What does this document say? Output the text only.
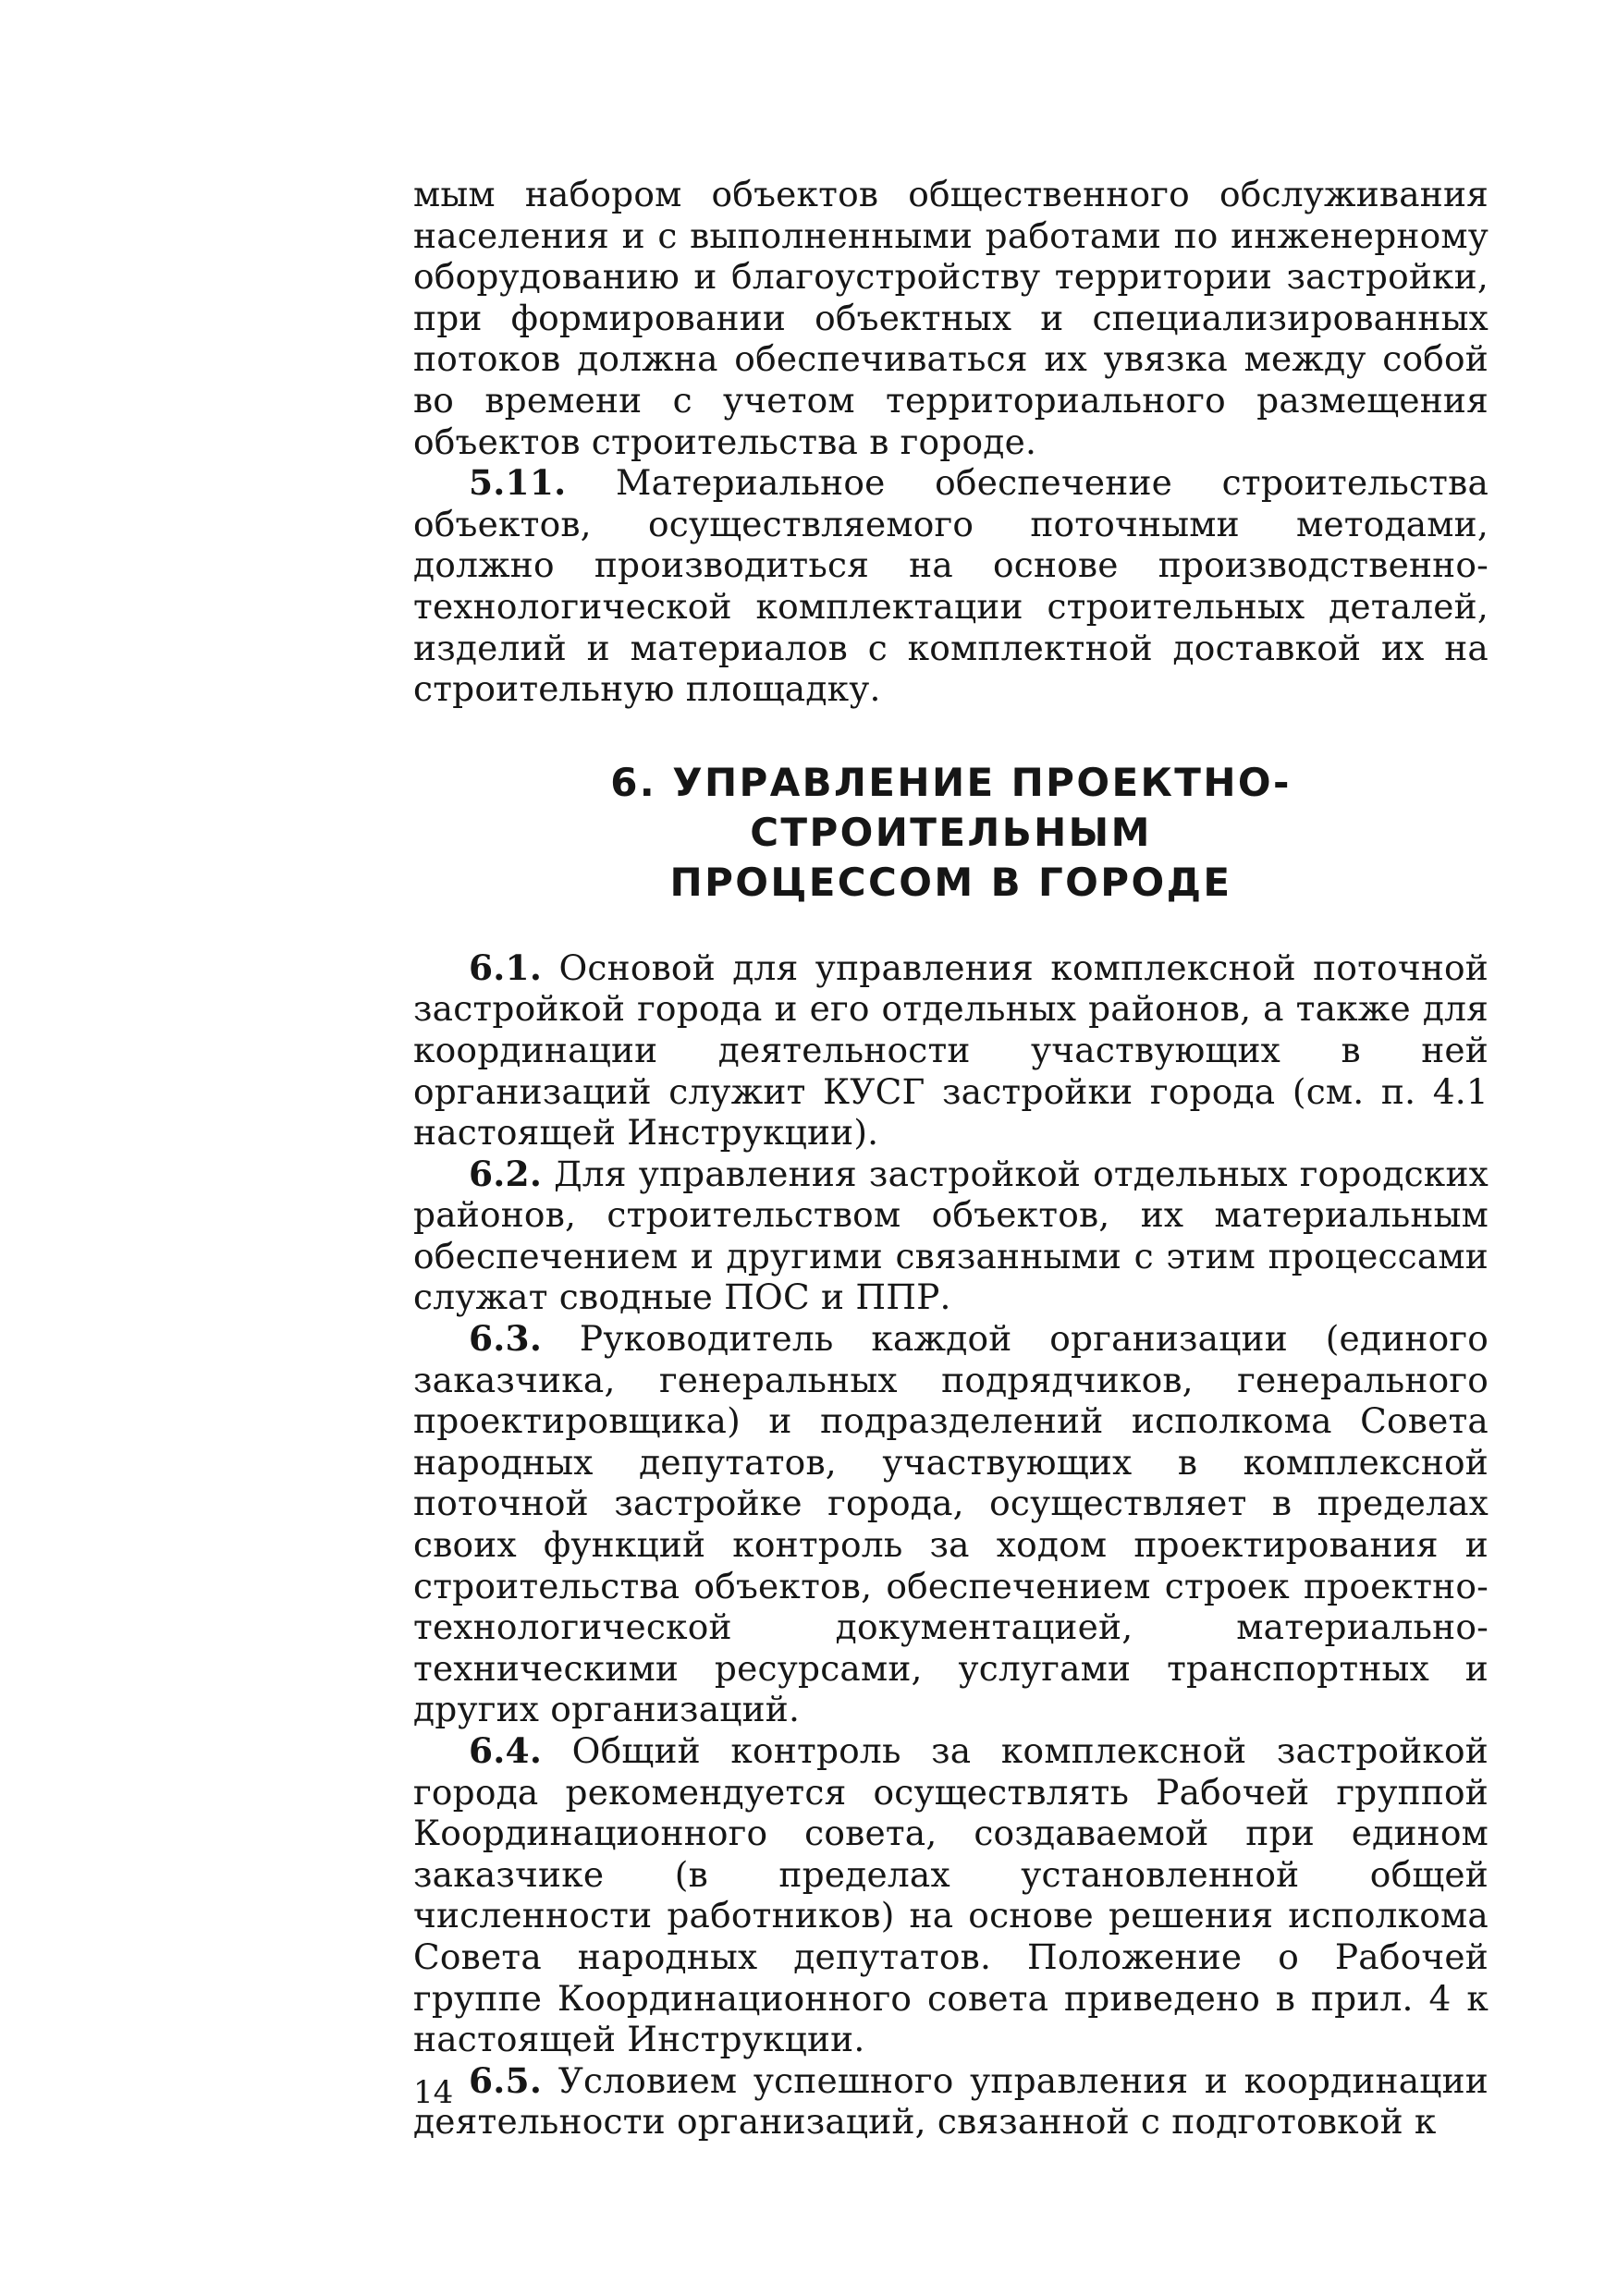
мым набором объектов общественного обслуживания населения и с выполненными работами по инженерному оборудованию и благоустройству территории застройки, при формировании объектных и специализированных потоков должна обеспечиваться их увязка между собой во времени с учетом территориального размещения объектов строительства в городе.

5.11. Материальное обеспечение строительства объектов, осуществляемого поточными методами, должно производиться на основе производственно-технологической комплектации строительных деталей, изделий и материалов с комплектной доставкой их на строительную площадку.

6. УПРАВЛЕНИЕ ПРОЕКТНО-СТРОИТЕЛЬНЫМ
ПРОЦЕССОМ В ГОРОДЕ

6.1. Основой для управления комплексной поточной застройкой города и его отдельных районов, а также для координации деятельности участвующих в ней организаций служит КУСГ застройки города (см. п. 4.1 настоящей Инструкции).

6.2. Для управления застройкой отдельных городских районов, строительством объектов, их материальным обеспечением и другими связанными с этим процессами служат сводные ПОС и ППР.

6.3. Руководитель каждой организации (единого заказчика, генеральных подрядчиков, генерального проектировщика) и подразделений исполкома Совета народных депутатов, участвующих в комплексной поточной застройке города, осуществляет в пределах своих функций контроль за ходом проектирования и строительства объектов, обеспечением строек проектно-технологической документацией, материально-техническими ресурсами, услугами транспортных и других организаций.

6.4. Общий контроль за комплексной застройкой города рекомендуется осуществлять Рабочей группой Координационного совета, создаваемой при едином заказчике (в пределах установленной общей численности работников) на основе решения исполкома Совета народных депутатов. Положение о Рабочей группе Координационного совета приведено в прил. 4 к настоящей Инструкции.

6.5. Условием успешного управления и координации деятельности организаций, связанной с подготовкой к

14
